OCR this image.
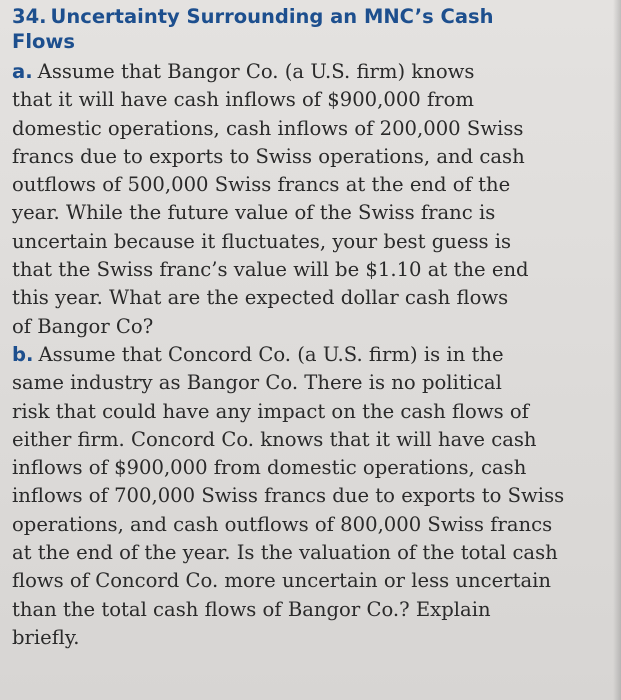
34. Uncertainty Surrounding an MNC’s Cash
Flows
a. Assume that Bangor Co. (a U.S. firm) knows
that it will have cash inflows of $900,000 from
domestic operations, cash inflows of 200,000 Swiss
francs due to exports to Swiss operations, and cash
outflows of 500,000 Swiss francs at the end of the
year. While the future value of the Swiss franc is
uncertain because it fluctuates, your best guess is
that the Swiss franc’s value will be $1.10 at the end
this year. What are the expected dollar cash flows
of Bangor Co?
b. Assume that Concord Co. (a U.S. firm) is in the
same industry as Bangor Co. There is no political
risk that could have any impact on the cash flows of
either firm. Concord Co. knows that it will have cash
inflows of $900,000 from domestic operations, cash
inflows of 700,000 Swiss francs due to exports to Swiss
operations, and cash outflows of 800,000 Swiss francs
at the end of the year. Is the valuation of the total cash
flows of Concord Co. more uncertain or less uncertain
than the total cash flows of Bangor Co.? Explain
briefly.
